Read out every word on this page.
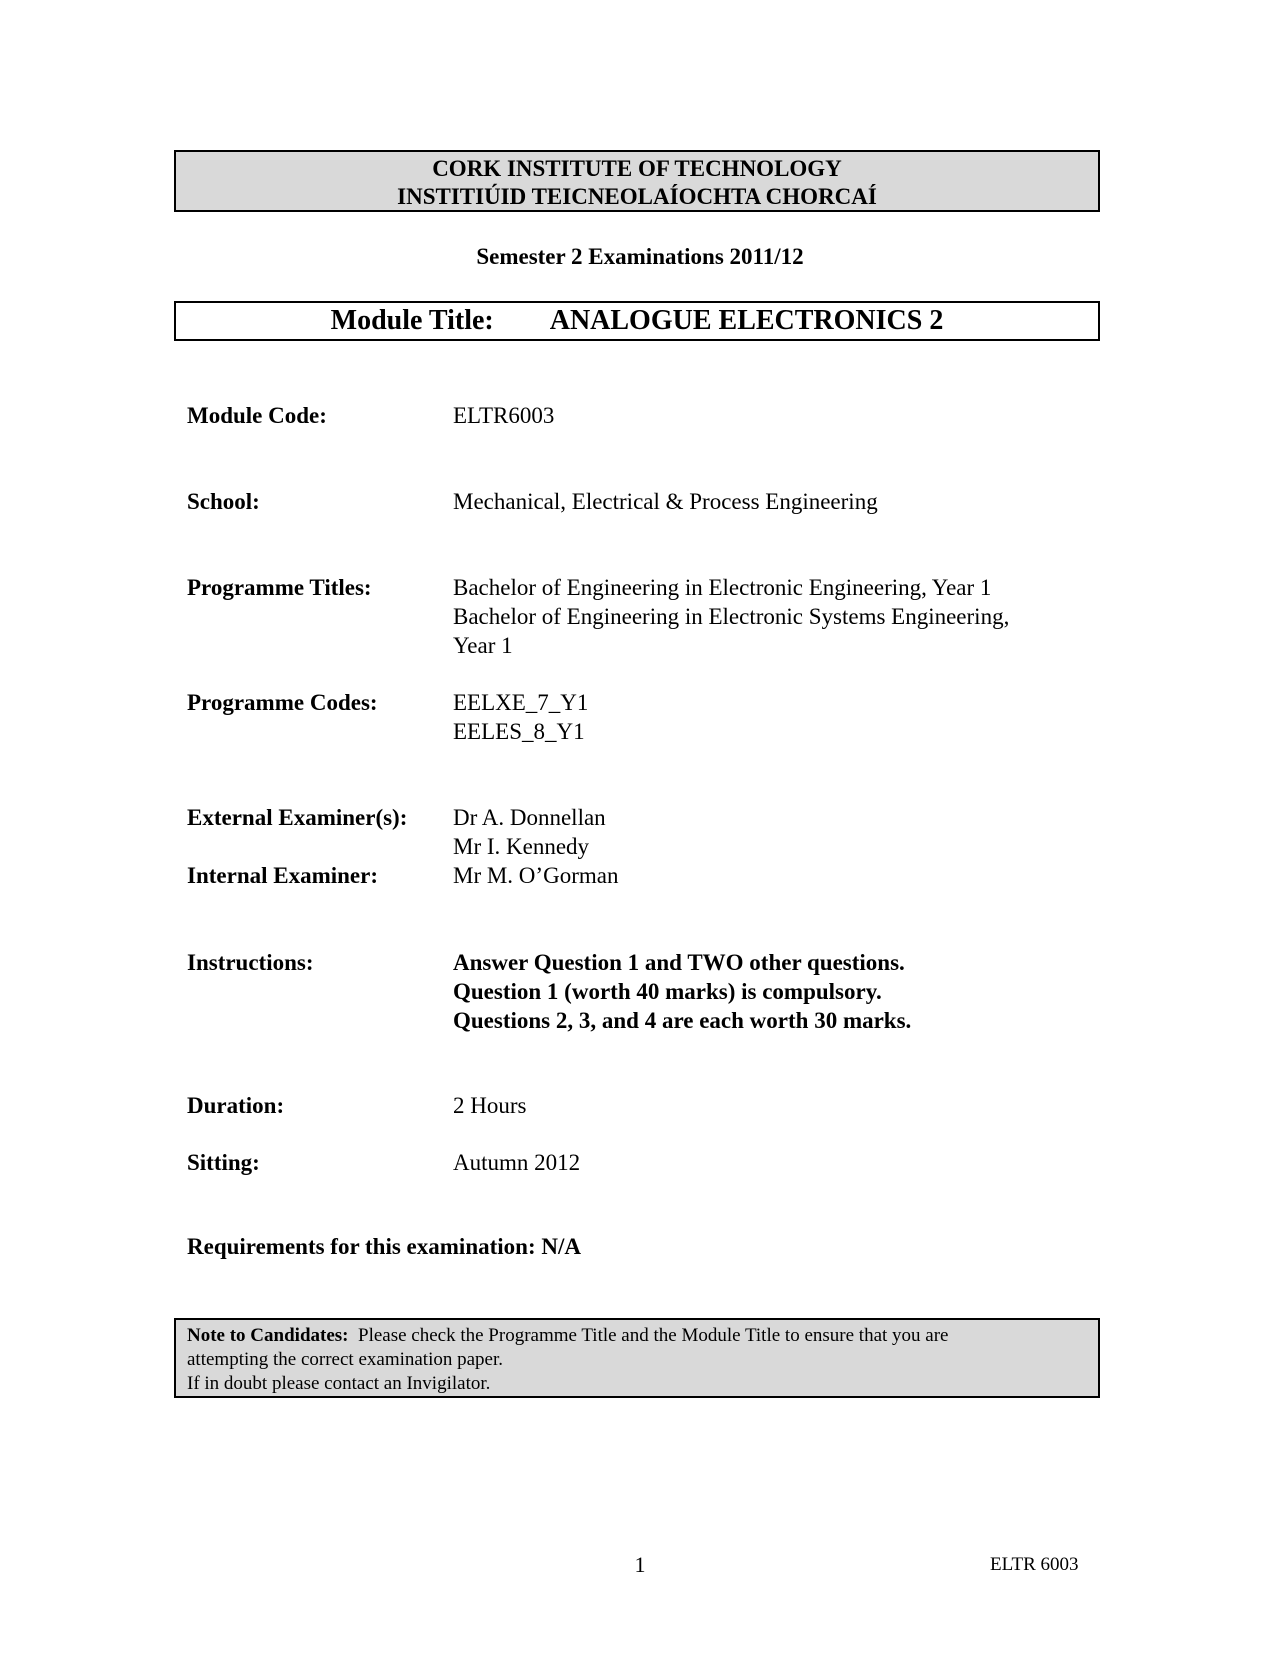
CORK INSTITUTE OF TECHNOLOGY
INSTITIÚID TEICNEOLAÍOCHTA CHORCAÍ
Semester 2 Examinations 2011/12
Module Title: ANALOGUE ELECTRONICS 2
Module Code:	ELTR6003
School:	Mechanical, Electrical & Process Engineering
Programme Titles:	Bachelor of Engineering in Electronic Engineering, Year 1
Bachelor of Engineering in Electronic Systems Engineering,
Year 1
Programme Codes:	EELXE_7_Y1
EELES_8_Y1
External Examiner(s):	Dr A. Donnellan
Mr I. Kennedy
Internal Examiner:	Mr M. O’Gorman
Instructions:	Answer Question 1 and TWO other questions.
Question 1 (worth 40 marks) is compulsory.
Questions 2, 3, and 4 are each worth 30 marks.
Duration:	2 Hours
Sitting:	Autumn 2012
Requirements for this examination: N/A
Note to Candidates: Please check the Programme Title and the Module Title to ensure that you are
attempting the correct examination paper.
If in doubt please contact an Invigilator.
1	ELTR 6003
